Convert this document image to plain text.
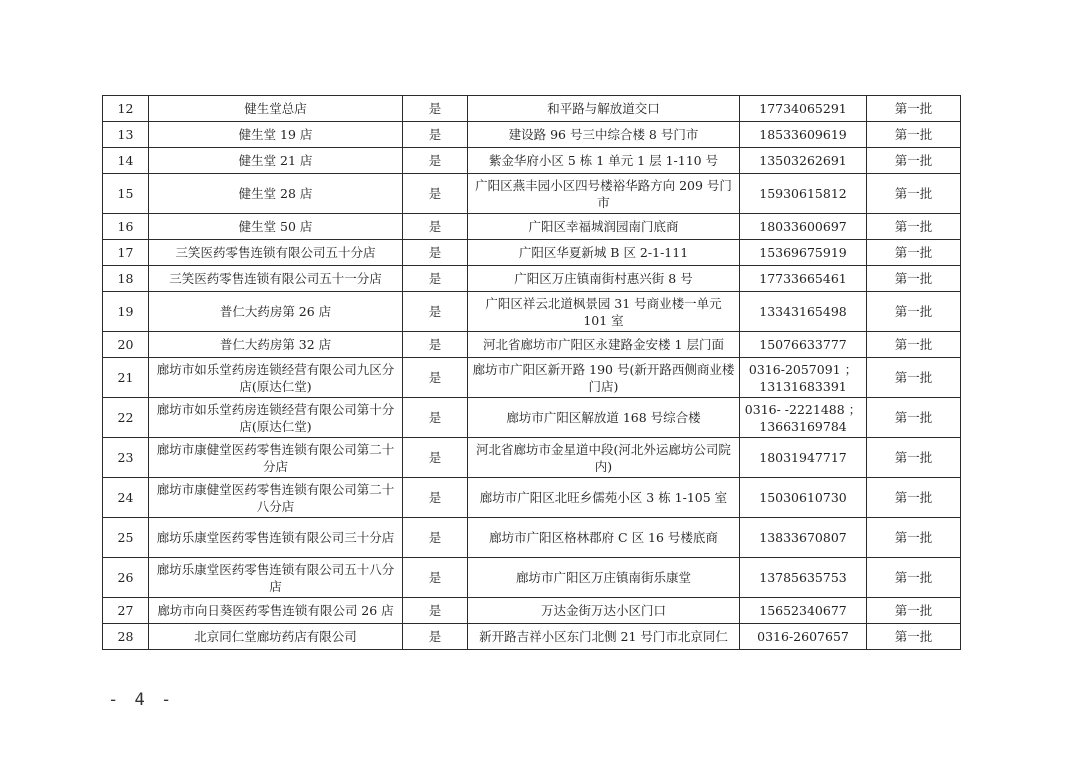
12	健生堂总店	是	和平路与解放道交口	17734065291	第一批
13	健生堂 19 店	是	建设路 96 号三中综合楼 8 号门市	18533609619	第一批
14	健生堂 21 店	是	紫金华府小区 5 栋 1 单元 1 层 1-110 号	13503262691	第一批
15	健生堂 28 店	是	广阳区燕丰园小区四号楼裕华路方向 209 号门市	15930615812	第一批
16	健生堂 50 店	是	广阳区幸福城润园南门底商	18033600697	第一批
17	三笑医药零售连锁有限公司五十分店	是	广阳区华夏新城 B 区 2-1-111	15369675919	第一批
18	三笑医药零售连锁有限公司五十一分店	是	广阳区万庄镇南街村惠兴街 8 号	17733665461	第一批
19	普仁大药房第 26 店	是	广阳区祥云北道枫景园 31 号商业楼一单元 101 室	13343165498	第一批
20	普仁大药房第 32 店	是	河北省廊坊市广阳区永建路金安楼 1 层门面	15076633777	第一批
21	廊坊市如乐堂药房连锁经营有限公司九区分店(原达仁堂)	是	廊坊市广阳区新开路 190 号(新开路西侧商业楼门店)	0316-2057091 ；13131683391	第一批
22	廊坊市如乐堂药房连锁经营有限公司第十分店(原达仁堂)	是	廊坊市广阳区解放道 168 号综合楼	0316- -2221488 ；13663169784	第一批
23	廊坊市康健堂医药零售连锁有限公司第二十分店	是	河北省廊坊市金星道中段(河北外运廊坊公司院内)	18031947717	第一批
24	廊坊市康健堂医药零售连锁有限公司第二十八分店	是	廊坊市广阳区北旺乡儒苑小区 3 栋 1-105 室	15030610730	第一批
25	廊坊乐康堂医药零售连锁有限公司三十分店	是	廊坊市广阳区格林郡府 C 区 16 号楼底商	13833670807	第一批
26	廊坊乐康堂医药零售连锁有限公司五十八分店	是	廊坊市广阳区万庄镇南街乐康堂	13785635753	第一批
27	廊坊市向日葵医药零售连锁有限公司 26 店	是	万达金街万达小区门口	15652340677	第一批
28	北京同仁堂廊坊药店有限公司	是	新开路吉祥小区东门北侧 21 号门市北京同仁	0316-2607657	第一批
- 4 -
